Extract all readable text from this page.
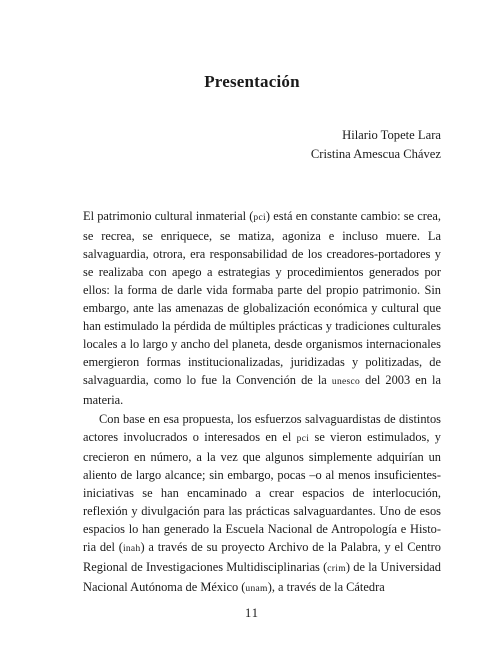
Presentación
Hilario Topete Lara
Cristina Amescua Chávez

El patrimonio cultural inmaterial (pci) está en constante cambio: se crea, se recrea, se enriquece, se matiza, agoniza e incluso muere. La salvaguardia, otrora, era responsabilidad de los creadores-portadores y se realizaba con apego a estrategias y procedimientos generados por ellos: la forma de darle vida formaba parte del propio patrimonio. Sin embargo, ante las amenazas de globalización económica y cultural que han estimulado la pérdida de múltiples prácticas y tradiciones culturales locales a lo largo y ancho del planeta, desde organismos internacionales emergieron formas institucionalizadas, juridizadas y politizadas, de salvaguardia, como lo fue la Convención de la unesco del 2003 en la materia.

Con base en esa propuesta, los esfuerzos salvaguardistas de distintos actores involucrados o interesados en el pci se vieron estimulados, y crecieron en número, a la vez que algunos simplemente adquirían un aliento de largo alcance; sin embargo, pocas –o al menos insuficientes- iniciativas se han encaminado a crear espacios de interlocución, reflexión y divulgación para las prácticas salvaguardantes. Uno de esos espacios lo han generado la Escuela Nacional de Antropología e Historia del (inah) a través de su proyecto Archivo de la Palabra, y el Centro Regional de Investigaciones Multidisciplinarias (crim) de la Universidad Nacional Autónoma de México (unam), a través de la Cátedra

11
